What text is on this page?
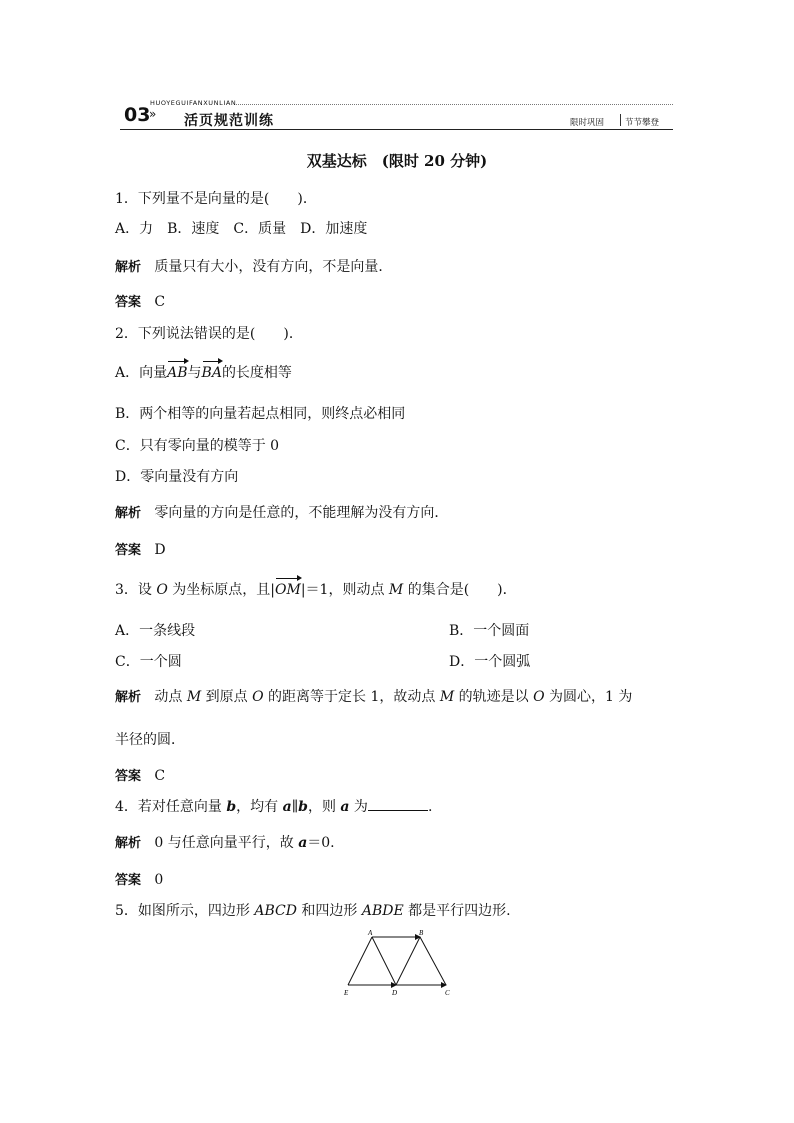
HUOYEGUIFANXUNLIAN
03
» 活页规范训练	限时巩固 节节攀登
双基达标　(限时 20 分钟)
1．下列量不是向量的是(　　)．
A．力　B．速度　C．质量　D．加速度
解析 质量只有大小，没有方向，不是向量．
答案 C
2．下列说法错误的是(　　)．
A．向量AB与BA的长度相等
B．两个相等的向量若起点相同，则终点必相同
C．只有零向量的模等于 0
D．零向量没有方向
解析 零向量的方向是任意的，不能理解为没有方向．
答案 D
3．设 O 为坐标原点，且|OM|＝1，则动点 M 的集合是(　　)．
A．一条线段	B．一个圆面
C．一个圆	D．一个圆弧
解析 动点 M 到原点 O 的距离等于定长 1，故动点 M 的轨迹是以 O 为圆心，1 为
半径的圆．
答案 C
4．若对任意向量 b，均有 a∥b，则 a 为	.
解析 0 与任意向量平行，故 a＝0.
答案 0
5．如图所示，四边形 ABCD 和四边形 ABDE 都是平行四边形.
A	B
C
D
E
